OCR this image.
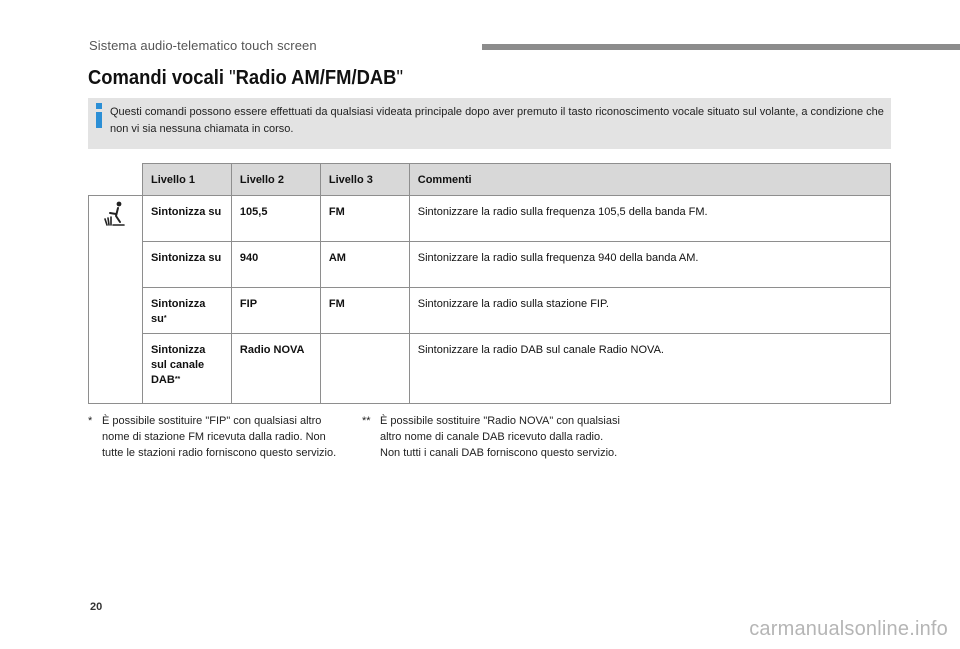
Sistema audio-telematico touch screen
Comandi vocali "Radio AM/FM/DAB"
Questi comandi possono essere effettuati da qualsiasi videata principale dopo aver premuto il tasto riconoscimento vocale situato sul volante, a condizione che non vi sia nessuna chiamata in corso.
	Livello 1	Livello 2	Livello 3	Commenti
	Sintonizza su	105,5	FM	Sintonizzare la radio sulla frequenza 105,5 della banda FM.
	Sintonizza su	940	AM	Sintonizzare la radio sulla frequenza 940 della banda AM.
	Sintonizza su*	FIP	FM	Sintonizzare la radio sulla stazione FIP.
	Sintonizza sul canale DAB**	Radio NOVA		Sintonizzare la radio DAB sul canale Radio NOVA.
* È possibile sostituire "FIP" con qualsiasi altro nome di stazione FM ricevuta dalla radio. Non tutte le stazioni radio forniscono questo servizio.
** È possibile sostituire "Radio NOVA" con qualsiasi altro nome di canale DAB ricevuto dalla radio. Non tutti i canali DAB forniscono questo servizio.
20
carmanualsonline.info
